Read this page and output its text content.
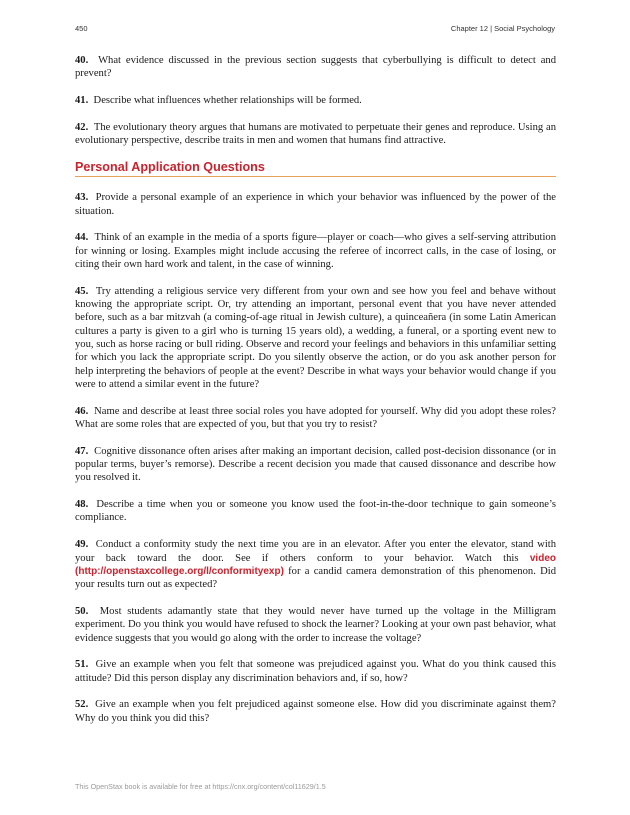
450	Chapter 12 | Social Psychology

40. What evidence discussed in the previous section suggests that cyberbullying is difficult to detect and prevent?

41. Describe what influences whether relationships will be formed.

42. The evolutionary theory argues that humans are motivated to perpetuate their genes and reproduce. Using an evolutionary perspective, describe traits in men and women that humans find attractive.

Personal Application Questions

43. Provide a personal example of an experience in which your behavior was influenced by the power of the situation.

44. Think of an example in the media of a sports figure—player or coach—who gives a self-serving attribution for winning or losing. Examples might include accusing the referee of incorrect calls, in the case of losing, or citing their own hard work and talent, in the case of winning.

45. Try attending a religious service very different from your own and see how you feel and behave without knowing the appropriate script. Or, try attending an important, personal event that you have never attended before, such as a bar mitzvah (a coming-of-age ritual in Jewish culture), a quinceañera (in some Latin American cultures a party is given to a girl who is turning 15 years old), a wedding, a funeral, or a sporting event new to you, such as horse racing or bull riding. Observe and record your feelings and behaviors in this unfamiliar setting for which you lack the appropriate script. Do you silently observe the action, or do you ask another person for help interpreting the behaviors of people at the event? Describe in what ways your behavior would change if you were to attend a similar event in the future?

46. Name and describe at least three social roles you have adopted for yourself. Why did you adopt these roles? What are some roles that are expected of you, but that you try to resist?

47. Cognitive dissonance often arises after making an important decision, called post-decision dissonance (or in popular terms, buyer’s remorse). Describe a recent decision you made that caused dissonance and describe how you resolved it.

48. Describe a time when you or someone you know used the foot-in-the-door technique to gain someone’s compliance.

49. Conduct a conformity study the next time you are in an elevator. After you enter the elevator, stand with your back toward the door. See if others conform to your behavior. Watch this video (http://openstaxcollege.org/l/conformityexp) for a candid camera demonstration of this phenomenon. Did your results turn out as expected?

50. Most students adamantly state that they would never have turned up the voltage in the Milligram experiment. Do you think you would have refused to shock the learner? Looking at your own past behavior, what evidence suggests that you would go along with the order to increase the voltage?

51. Give an example when you felt that someone was prejudiced against you. What do you think caused this attitude? Did this person display any discrimination behaviors and, if so, how?

52. Give an example when you felt prejudiced against someone else. How did you discriminate against them? Why do you think you did this?

This OpenStax book is available for free at https://cnx.org/content/col11629/1.5
